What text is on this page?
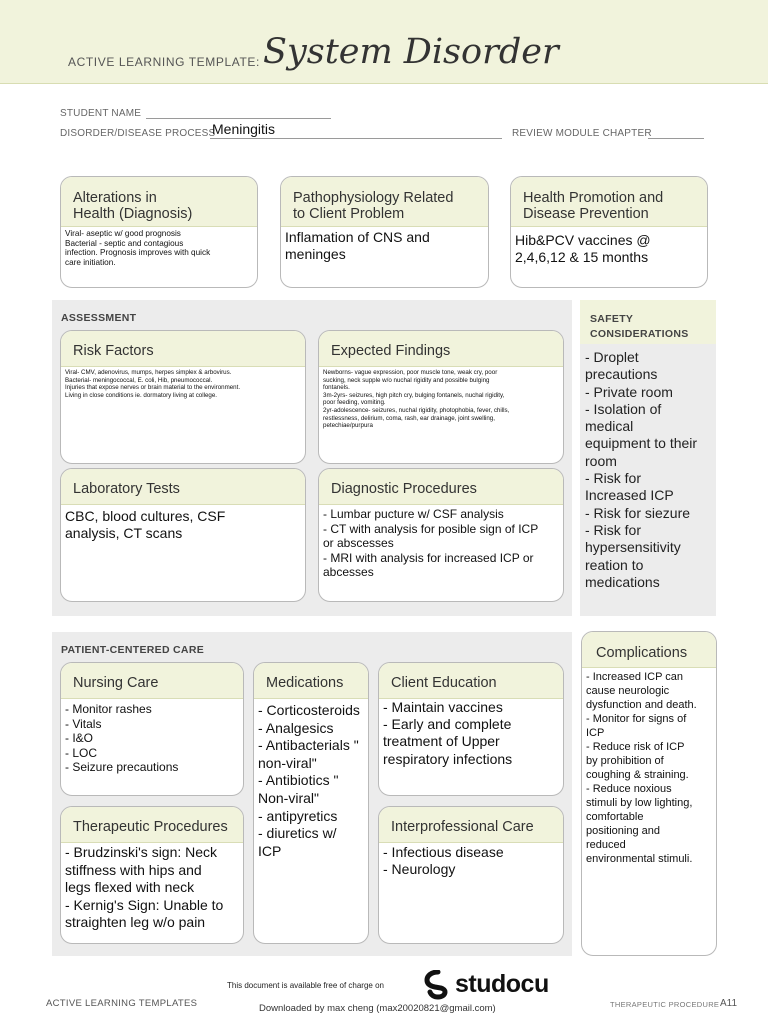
ACTIVE LEARNING TEMPLATE: System Disorder
STUDENT NAME
DISORDER/DISEASE PROCESS
Meningitis	REVIEW MODULE CHAPTER
Alterations in
Health (Diagnosis)
Viral- aseptic w/ good prognosis
Bacterial - septic and contagious
infection. Prognosis improves with quick
care initiation.
Pathophysiology Related
to Client Problem
Inflamation of CNS and
meninges
Health Promotion and
Disease Prevention
Hib&PCV vaccines @
2,4,6,12 & 15 months
ASSESSMENT
Risk Factors
Viral- CMV, adenovirus, mumps, herpes simplex & arbovirus.
Bacterial- meningococcal, E. coli, Hib, pneumococcal.
Injuries that expose nerves or brain material to the environment.
Living in close conditions ie. dormatory living at college.
Expected Findings
Newborns- vague expression, poor muscle tone, weak cry, poor
sucking, neck supple w/o nuchal rigidity and possible bulging
fontanels.
3m-2yrs- seizures, high pitch cry, bulging fontanels, nuchal rigidity,
poor feeding, vomiting.
2yr-adolescence- seizures, nuchal rigidity, photophobia, fever, chills,
restlessness, delirium, coma, rash, ear drainage, joint swelling,
petechiae/purpura
Laboratory Tests
CBC, blood cultures, CSF
analysis, CT scans
Diagnostic Procedures
- Lumbar pucture w/ CSF analysis
- CT with analysis for posible sign of ICP
or abscesses
- MRI with analysis for increased ICP or
abcesses
SAFETY
CONSIDERATIONS
- Droplet
precautions
- Private room
- Isolation of
medical
equipment to their
room
- Risk for
Increased ICP
- Risk for siezure
- Risk for
hypersensitivity
reation to
medications
PATIENT-CENTERED CARE
Nursing Care
- Monitor rashes
- Vitals
- I&O
- LOC
- Seizure precautions
Medications
- Corticosteroids
- Analgesics
- Antibacterials "
non-viral"
- Antibiotics "
Non-viral"
- antipyretics
- diuretics w/
ICP
Client Education
- Maintain vaccines
- Early and complete
treatment of Upper
respiratory infections
Therapeutic Procedures
- Brudzinski's sign: Neck
stiffness with hips and
legs flexed with neck
- Kernig's Sign: Unable to
straighten leg w/o pain
Interprofessional Care
- Infectious disease
- Neurology
Complications
- Increased ICP can
cause neurologic
dysfunction and death.
- Monitor for signs of
ICP
- Reduce risk of ICP
by prohibition of
coughing & straining.
- Reduce noxious
stimuli by low lighting,
comfortable
positioning and
reduced
environmental stimuli.
This document is available free of charge on	studocu
ACTIVE LEARNING TEMPLATES	Downloaded by max cheng (max20020821@gmail.com)	THERAPEUTIC PROCEDURE A11
